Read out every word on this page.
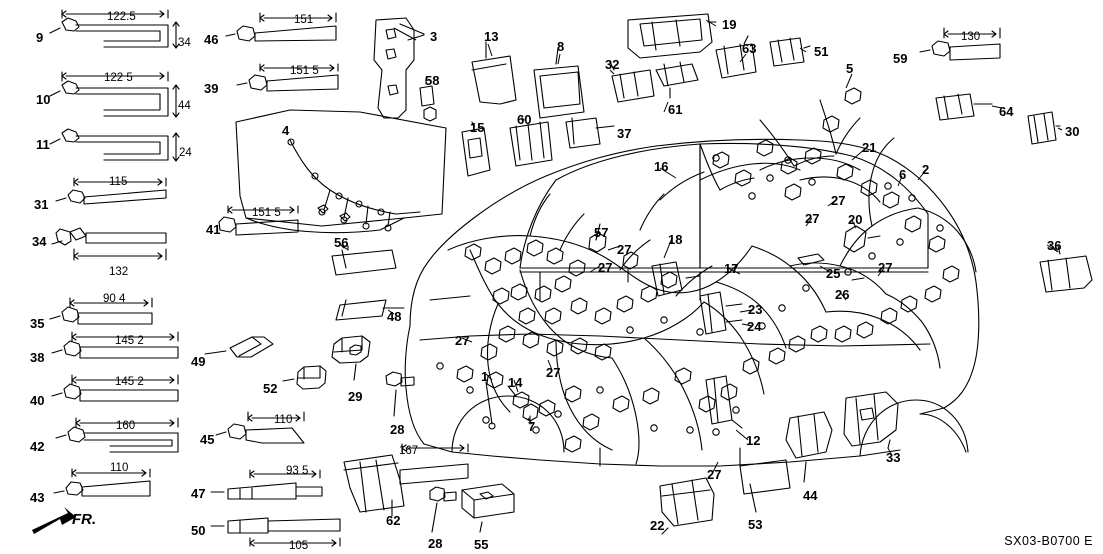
FR.
SX03-B0700 E
9	46	3	13
8
19
63	51	59
5
10
39
58
32
61	64
11
4	15
60
37	30
16
21
2
6
31	27
27 20
34
41
56
57	18
27
27
36
27
17	25
26
35	48	23
24
38	49
27
52
29
40
27
28
1 14
7
42	45	12
33
43	47
27
44
53
62
50
28 55
22
122.5
34
151
130
122 5
44
151 5
24
115
151 5
132
90 4
145 2
145 2
160	110
110
167
93 5
105
